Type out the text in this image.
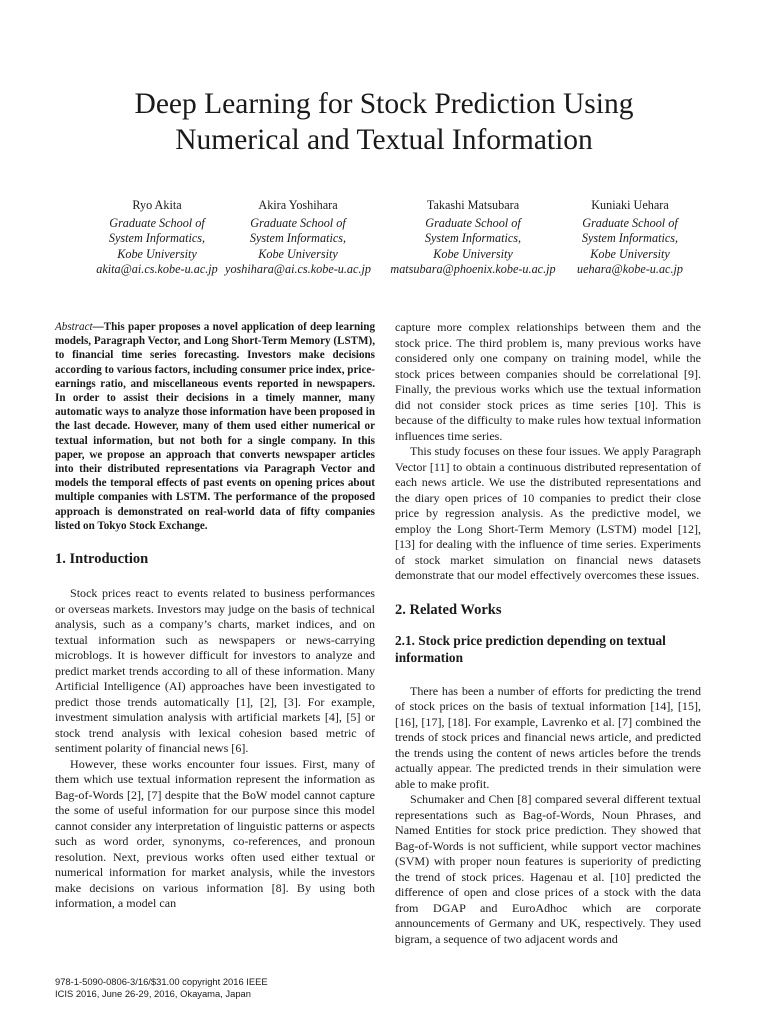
Deep Learning for Stock Prediction Using
Numerical and Textual Information
Ryo Akita
Graduate School of
System Informatics,
Kobe University
akita@ai.cs.kobe-u.ac.jp
Akira Yoshihara
Graduate School of
System Informatics,
Kobe University
yoshihara@ai.cs.kobe-u.ac.jp
Takashi Matsubara
Graduate School of
System Informatics,
Kobe University
matsubara@phoenix.kobe-u.ac.jp
Kuniaki Uehara
Graduate School of
System Informatics,
Kobe University
uehara@kobe-u.ac.jp

Abstract—This paper proposes a novel application of deep learning models, Paragraph Vector, and Long Short-Term Memory (LSTM), to financial time series forecasting. Investors make decisions according to various factors, including consumer price index, price-earnings ratio, and miscellaneous events reported in newspapers. In order to assist their decisions in a timely manner, many automatic ways to analyze those information have been proposed in the last decade. However, many of them used either numerical or textual information, but not both for a single company. In this paper, we propose an approach that converts newspaper articles into their distributed representations via Paragraph Vector and models the temporal effects of past events on opening prices about multiple companies with LSTM. The performance of the proposed approach is demonstrated on real-world data of fifty companies listed on Tokyo Stock Exchange.

1. Introduction

Stock prices react to events related to business performances or overseas markets. Investors may judge on the basis of technical analysis, such as a company’s charts, market indices, and on textual information such as newspapers or news-carrying microblogs. It is however difficult for investors to analyze and predict market trends according to all of these information. Many Artificial Intelligence (AI) approaches have been investigated to predict those trends automatically [1], [2], [3]. For example, investment simulation analysis with artificial markets [4], [5] or stock trend analysis with lexical cohesion based metric of sentiment polarity of financial news [6].

However, these works encounter four issues. First, many of them which use textual information represent the information as Bag-of-Words [2], [7] despite that the BoW model cannot capture the some of useful information for our purpose since this model cannot consider any interpretation of linguistic patterns or aspects such as word order, synonyms, co-references, and pronoun resolution. Next, previous works often used either textual or numerical information for market analysis, while the investors make decisions on various information [8]. By using both information, a model can

capture more complex relationships between them and the stock price. The third problem is, many previous works have considered only one company on training model, while the stock prices between companies should be correlational [9]. Finally, the previous works which use the textual information did not consider stock prices as time series [10]. This is because of the difficulty to make rules how textual information influences time series.

This study focuses on these four issues. We apply Paragraph Vector [11] to obtain a continuous distributed representation of each news article. We use the distributed representations and the diary open prices of 10 companies to predict their close price by regression analysis. As the predictive model, we employ the Long Short-Term Memory (LSTM) model [12], [13] for dealing with the influence of time series. Experiments of stock market simulation on financial news datasets demonstrate that our model effectively overcomes these issues.

2. Related Works
2.1. Stock price prediction depending on textual information

There has been a number of efforts for predicting the trend of stock prices on the basis of textual information [14], [15], [16], [17], [18]. For example, Lavrenko et al. [7] combined the trends of stock prices and financial news article, and predicted the trends using the content of news articles before the trends actually appear. The predicted trends in their simulation were able to make profit.

Schumaker and Chen [8] compared several different textual representations such as Bag-of-Words, Noun Phrases, and Named Entities for stock price prediction. They showed that Bag-of-Words is not sufficient, while support vector machines (SVM) with proper noun features is superiority of predicting the trend of stock prices. Hagenau et al. [10] predicted the difference of open and close prices of a stock with the data from DGAP and EuroAdhoc which are corporate announcements of Germany and UK, respectively. They used bigram, a sequence of two adjacent words and

978-1-5090-0806-3/16/$31.00 copyright 2016 IEEE
ICIS 2016, June 26-29, 2016, Okayama, Japan
